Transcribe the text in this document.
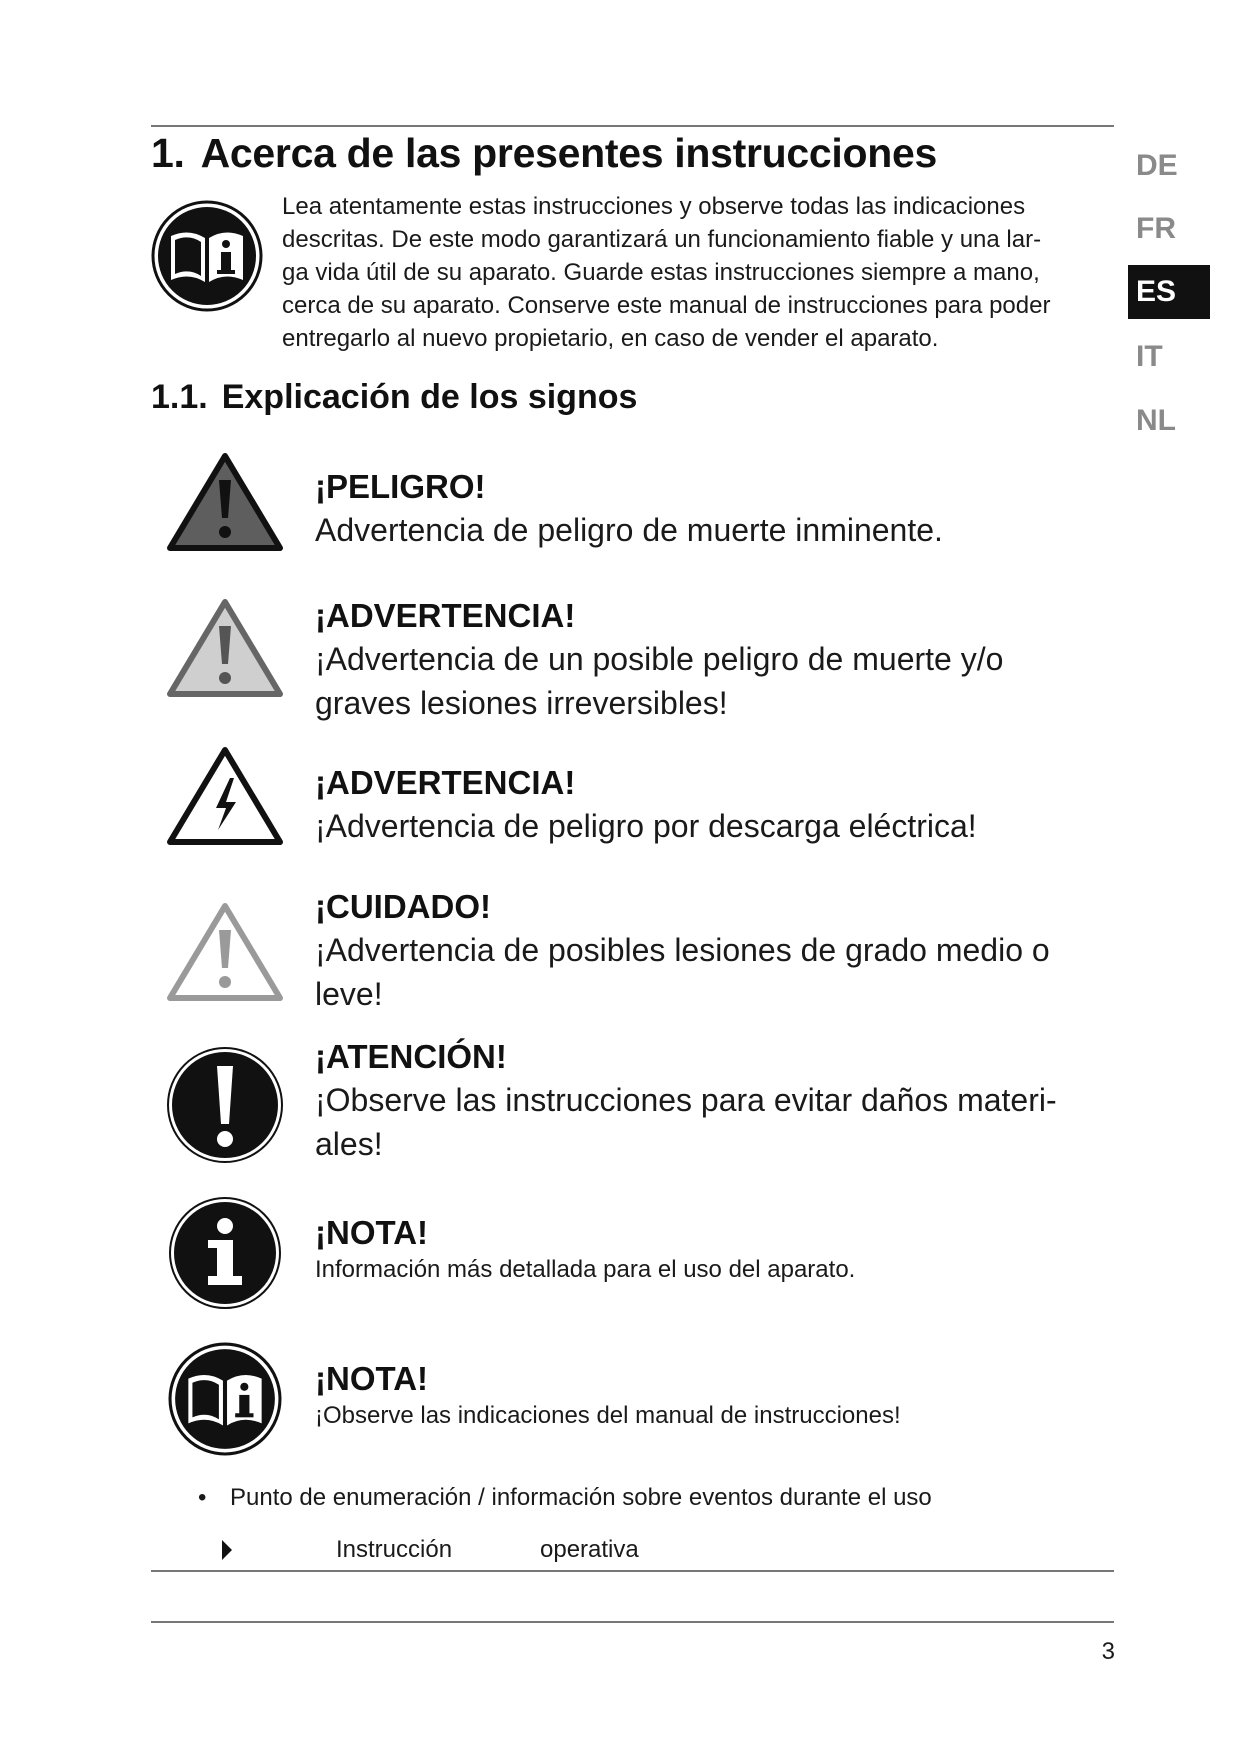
1. Acerca de las presentes instrucciones

Lea atentamente estas instrucciones y observe todas las indicaciones

descritas. De este modo garantizará un funcionamiento fiable y una lar-

ga vida útil de su aparato. Guarde estas instrucciones siempre a mano,

cerca de su aparato. Conserve este manual de instrucciones para poder

entregarlo al nuevo propietario, en caso de vender el aparato.

1.1. Explicación de los signos
DE
FR
ES
IT
NL
¡PELIGRO!
Advertencia de peligro de muerte inminente.
¡ADVERTENCIA!
¡Advertencia de un posible peligro de muerte y/o
graves lesiones irreversibles!
¡ADVERTENCIA!
¡Advertencia de peligro por descarga eléctrica!
¡CUIDADO!
¡Advertencia de posibles lesiones de grado medio o
leve!
¡ATENCIÓN!
¡Observe las instrucciones para evitar daños materi-
ales!
¡NOTA!
Información más detallada para el uso del aparato.
¡NOTA!
¡Observe las indicaciones del manual de instrucciones!
• Punto de enumeración / información sobre eventos durante el uso
Instrucción	operativa
3
